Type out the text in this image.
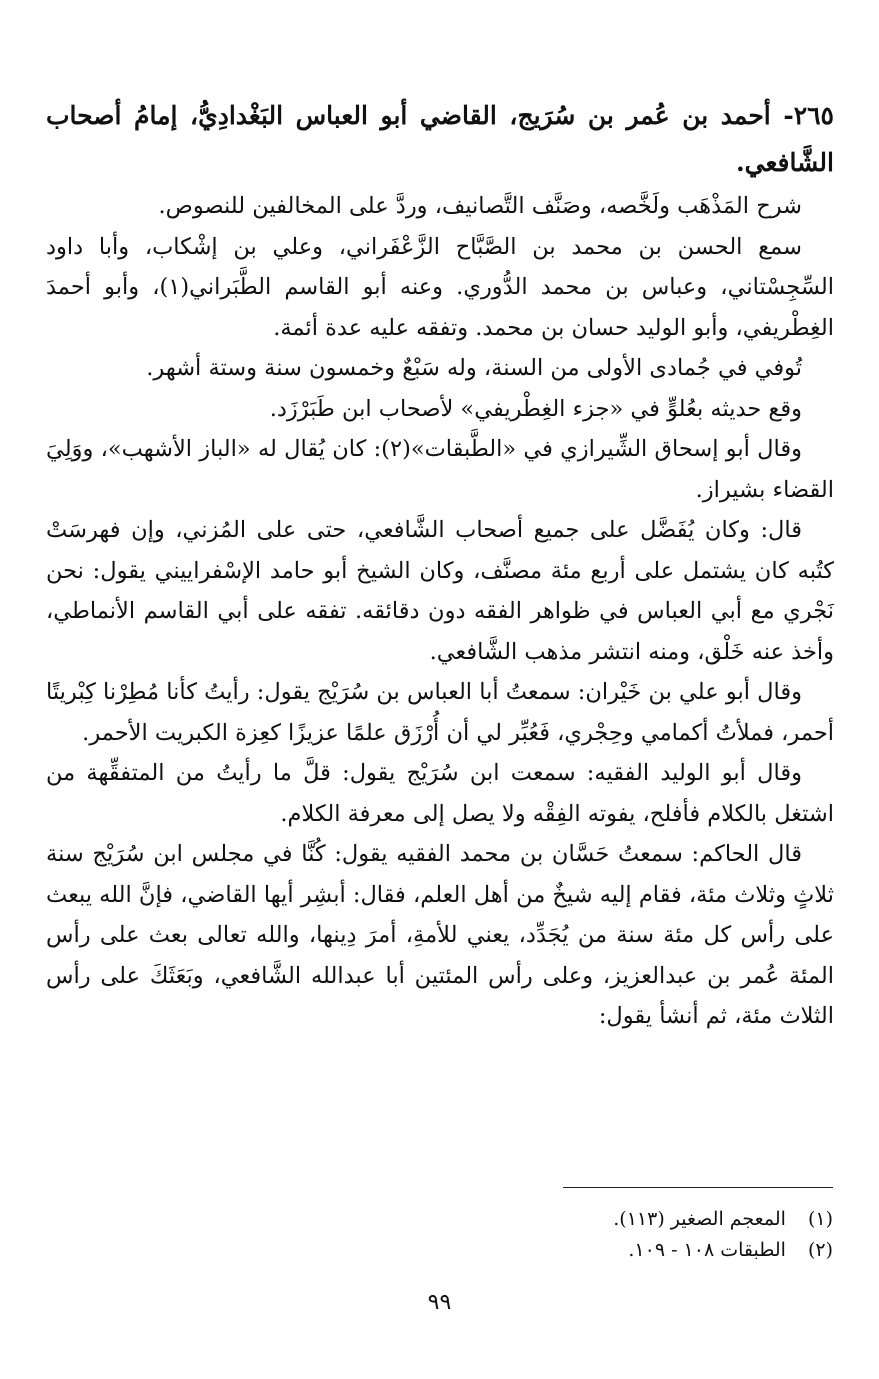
٢٦٥- أحمد بن عُمر بن سُرَيج، القاضي أبو العباس البَغْدادِيُّ، إمامُ أصحاب الشَّافعي.

شرح المَذْهَب ولَخَّصه، وصَنَّف التَّصانيف، وردَّ على المخالفين للنصوص.

سمع الحسن بن محمد بن الصَّبَّاح الزَّعْفَراني، وعلي بن إشْكاب، وأبا داود السِّجِسْتاني، وعباس بن محمد الدُّوري. وعنه أبو القاسم الطَّبَراني(١)، وأبو أحمدَ الغِطْريفي، وأبو الوليد حسان بن محمد. وتفقه عليه عدة أئمة.

تُوفي في جُمادى الأولى من السنة، وله سَبْعٌ وخمسون سنة وستة أشهر.

وقع حديثه بعُلوٍّ في «جزء الغِطْريفي» لأصحاب ابن طَبَرْزَد.

وقال أبو إسحاق الشِّيرازي في «الطَّبقات»(٢): كان يُقال له «الباز الأشهب»، ووَلِيَ القضاء بشيراز.

قال: وكان يُفَضَّل على جميع أصحاب الشَّافعي، حتى على المُزني، وإن فهرسَتْ كتُبه كان يشتمل على أربع مئة مصنَّف، وكان الشيخ أبو حامد الإسْفراييني يقول: نحن نَجْري مع أبي العباس في ظواهر الفقه دون دقائقه. تفقه على أبي القاسم الأنماطي، وأخذ عنه خَلْق، ومنه انتشر مذهب الشَّافعي.

وقال أبو علي بن خَيْران: سمعتُ أبا العباس بن سُرَيْج يقول: رأيتُ كأنا مُطِرْنا كِبْريتًا أحمر، فملأتُ أكمامي وحِجْري، فَعُبِّر لي أن أُرْزَق علمًا عزيزًا كعِزة الكبريت الأحمر.

وقال أبو الوليد الفقيه: سمعت ابن سُرَيْج يقول: قلَّ ما رأيتُ من المتفقِّهة من اشتغل بالكلام فأفلح، يفوته الفِقْه ولا يصل إلى معرفة الكلام.

قال الحاكم: سمعتُ حَسَّان بن محمد الفقيه يقول: كُنَّا في مجلس ابن سُرَيْج سنة ثلاثٍ وثلاث مئة، فقام إليه شيخٌ من أهل العلم، فقال: أبشِر أيها القاضي، فإنَّ الله يبعث على رأس كل مئة سنة من يُجَدِّد، يعني للأمةِ، أمرَ دِينها، والله تعالى بعث على رأس المئة عُمر بن عبدالعزيز، وعلى رأس المئتين أبا عبدالله الشَّافعي، وبَعَثَكَ على رأس الثلاث مئة، ثم أنشأ يقول:

(١) المعجم الصغير (١١٣).

(٢) الطبقات ١٠٨ - ١٠٩.

٩٩
